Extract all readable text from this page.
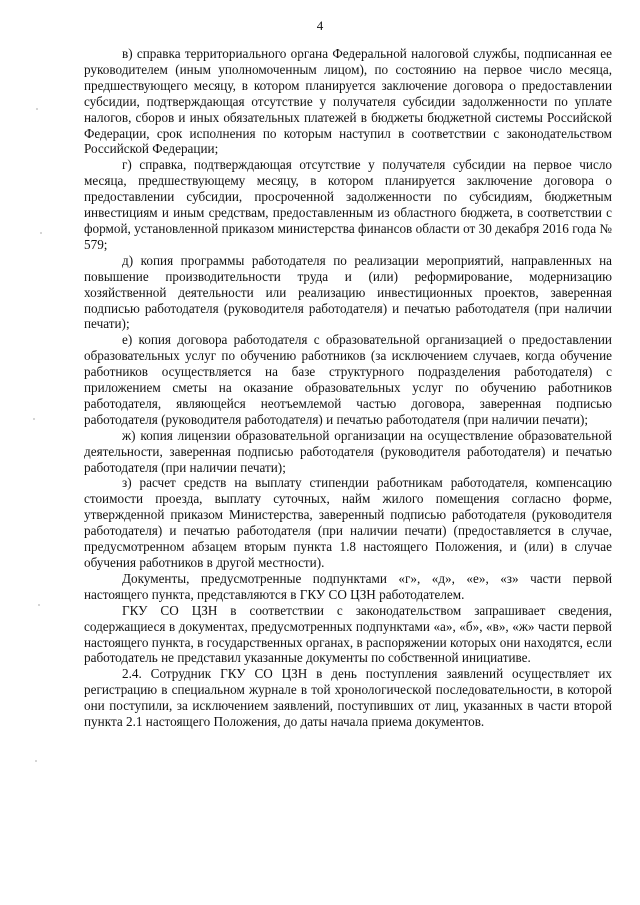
4

в) справка территориального органа Федеральной налоговой службы, подписанная ее руководителем (иным уполномоченным лицом), по состоянию на первое число месяца, предшествующего месяцу, в котором планируется заключение договора о предоставлении субсидии, подтверждающая отсутствие у получателя субсидии задолженности по уплате налогов, сборов и иных обязательных платежей в бюджеты бюджетной системы Российской Федерации, срок исполнения по которым наступил в соответствии с законодательством Российской Федерации;

г) справка, подтверждающая отсутствие у получателя субсидии на первое число месяца, предшествующему месяцу, в котором планируется заключение договора о предоставлении субсидии, просроченной задолженности по субсидиям, бюджетным инвестициям и иным средствам, предоставленным из областного бюджета, в соответствии с формой, установленной приказом министерства финансов области от 30 декабря 2016 года № 579;

д) копия программы работодателя по реализации мероприятий, направленных на повышение производительности труда и (или) реформирование, модернизацию хозяйственной деятельности или реализацию инвестиционных проектов, заверенная подписью работодателя (руководителя работодателя) и печатью работодателя (при наличии печати);

е) копия договора работодателя с образовательной организацией о предоставлении образовательных услуг по обучению работников (за исключением случаев, когда обучение работников осуществляется на базе структурного подразделения работодателя) с приложением сметы на оказание образовательных услуг по обучению работников работодателя, являющейся неотъемлемой частью договора, заверенная подписью работодателя (руководителя работодателя) и печатью работодателя (при наличии печати);

ж) копия лицензии образовательной организации на осуществление образовательной деятельности, заверенная подписью работодателя (руководителя работодателя) и печатью работодателя (при наличии печати);

з) расчет средств на выплату стипендии работникам работодателя, компенсацию стоимости проезда, выплату суточных, найм жилого помещения согласно форме, утвержденной приказом Министерства, заверенный подписью работодателя (руководителя работодателя) и печатью работодателя (при наличии печати) (предоставляется в случае, предусмотренном абзацем вторым пункта 1.8 настоящего Положения, и (или) в случае обучения работников в другой местности).

Документы, предусмотренные подпунктами «г», «д», «е», «з» части первой настоящего пункта, представляются в ГКУ СО ЦЗН работодателем.

ГКУ СО ЦЗН в соответствии с законодательством запрашивает сведения, содержащиеся в документах, предусмотренных подпунктами «а», «б», «в», «ж» части первой настоящего пункта, в государственных органах, в распоряжении которых они находятся, если работодатель не представил указанные документы по собственной инициативе.

2.4. Сотрудник ГКУ СО ЦЗН в день поступления заявлений осуществляет их регистрацию в специальном журнале в той хронологической последовательности, в которой они поступили, за исключением заявлений, поступивших от лиц, указанных в части второй пункта 2.1 настоящего Положения, до даты начала приема документов.
